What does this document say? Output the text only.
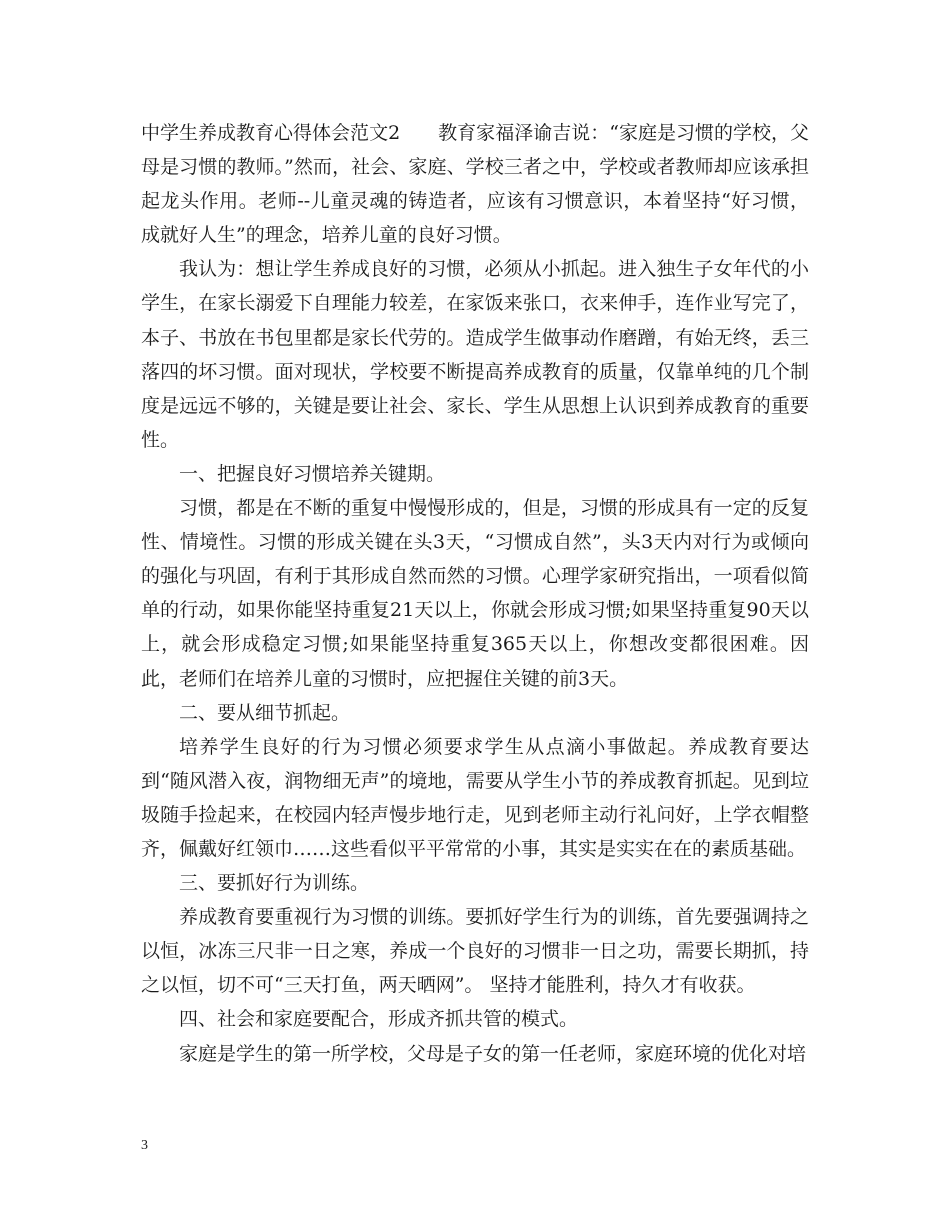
中学生养成教育心得体会范文2　　教育家福泽谕吉说：“家庭是习惯的学校，父母是习惯的教师。”然而，社会、家庭、学校三者之中，学校或者教师却应该承担起龙头作用。老师--儿童灵魂的铸造者，应该有习惯意识，本着坚持“好习惯，成就好人生”的理念，培养儿童的良好习惯。

我认为：想让学生养成良好的习惯，必须从小抓起。进入独生子女年代的小学生，在家长溺爱下自理能力较差，在家饭来张口，衣来伸手，连作业写完了，本子、书放在书包里都是家长代劳的。造成学生做事动作磨蹭，有始无终，丢三落四的坏习惯。面对现状，学校要不断提高养成教育的质量，仅靠单纯的几个制度是远远不够的，关键是要让社会、家长、学生从思想上认识到养成教育的重要性。

一、把握良好习惯培养关键期。

习惯，都是在不断的重复中慢慢形成的，但是，习惯的形成具有一定的反复性、情境性。习惯的形成关键在头3天，“习惯成自然”，头3天内对行为或倾向的强化与巩固，有利于其形成自然而然的习惯。心理学家研究指出，一项看似简单的行动，如果你能坚持重复21天以上，你就会形成习惯;如果坚持重复90天以上，就会形成稳定习惯;如果能坚持重复365天以上，你想改变都很困难。因此，老师们在培养儿童的习惯时，应把握住关键的前3天。

二、要从细节抓起。

培养学生良好的行为习惯必须要求学生从点滴小事做起。养成教育要达到“随风潜入夜，润物细无声”的境地，需要从学生小节的养成教育抓起。见到垃圾随手捡起来，在校园内轻声慢步地行走，见到老师主动行礼问好，上学衣帽整齐，佩戴好红领巾……这些看似平平常常的小事，其实是实实在在的素质基础。

三、要抓好行为训练。

养成教育要重视行为习惯的训练。要抓好学生行为的训练，首先要强调持之以恒，冰冻三尺非一日之寒，养成一个良好的习惯非一日之功，需要长期抓，持之以恒，切不可“三天打鱼，两天晒网”。 坚持才能胜利，持久才有收获。

四、社会和家庭要配合，形成齐抓共管的模式。

家庭是学生的第一所学校，父母是子女的第一任老师，家庭环境的优化对培

3
